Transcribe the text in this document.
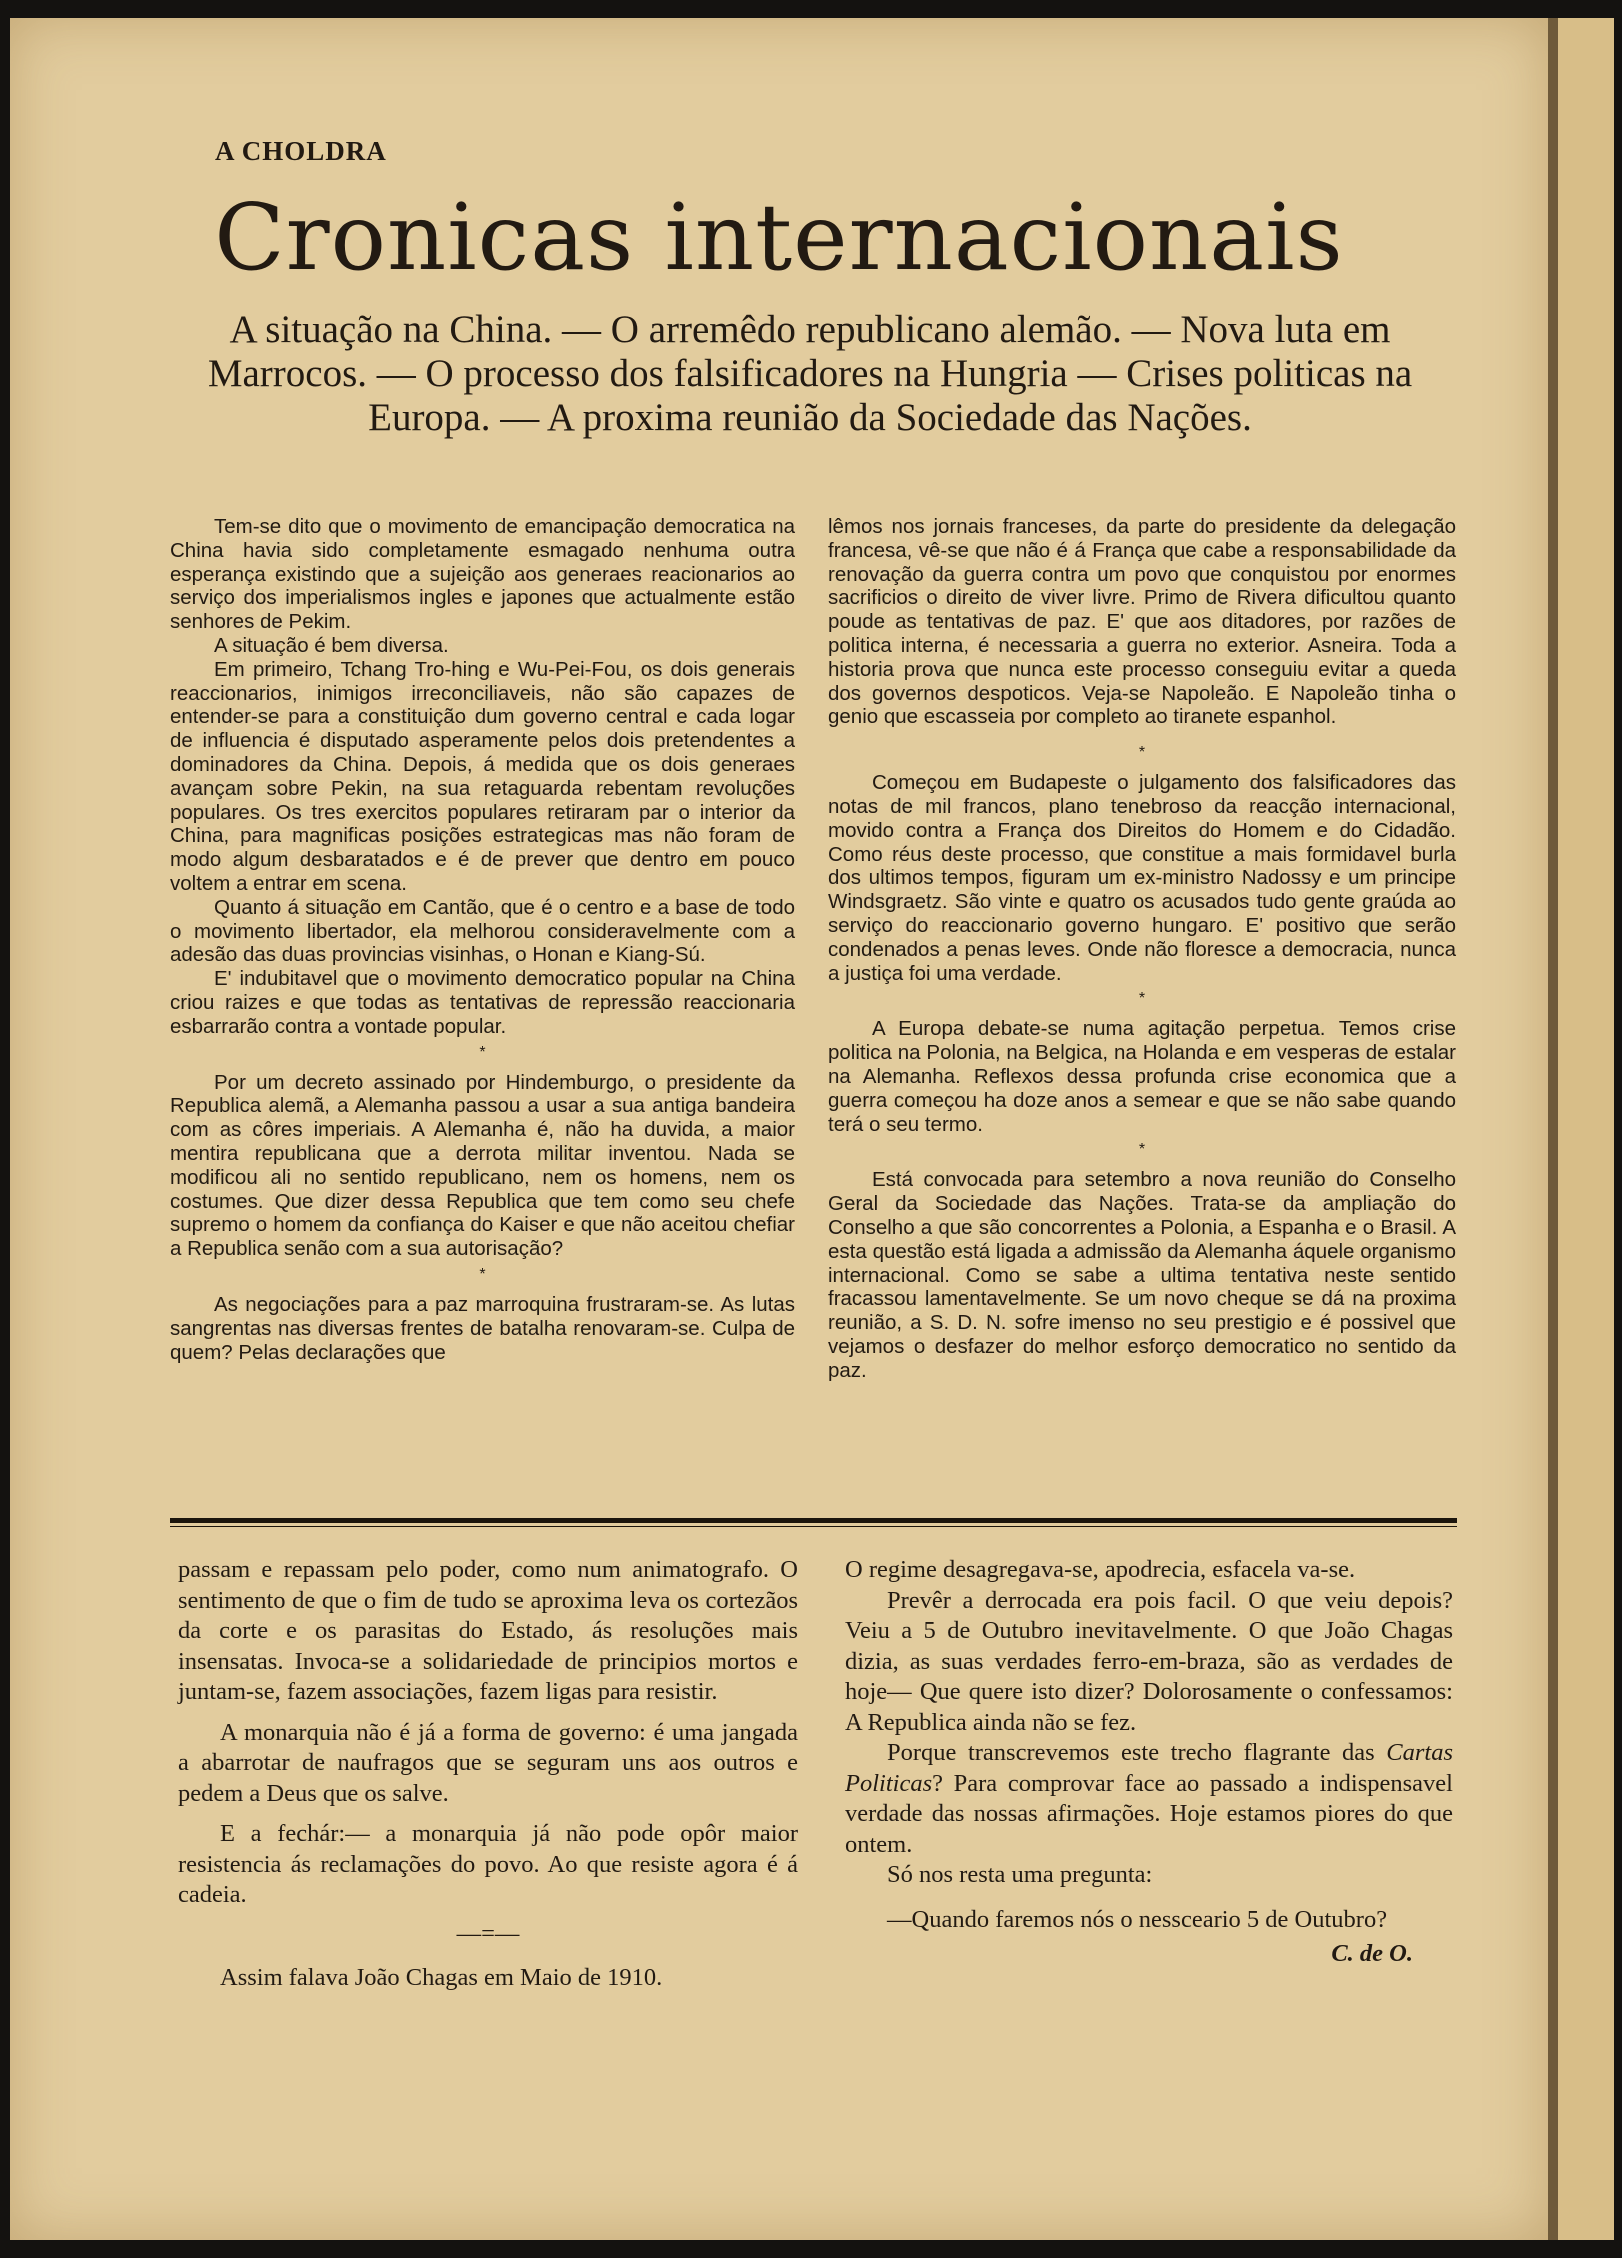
A CHOLDRA
Cronicas internacionais
A situação na China. — O arremêdo republicano alemão. — Nova luta em Marrocos. — O processo dos falsificadores na Hungria — Crises politicas na Europa. — A proxima reunião da Sociedade das Nações.

Tem-se dito que o movimento de emancipação democratica na China havia sido completamente esmagado nenhuma outra esperança existindo que a sujeição aos generaes reacionarios ao serviço dos imperialismos ingles e japones que actualmente estão senhores de Pekim.

A situação é bem diversa.

Em primeiro, Tchang Tro-hing e Wu-Pei-Fou, os dois generais reaccionarios, inimigos irreconciliaveis, não são capazes de entender-se para a constituição dum governo central e cada logar de influencia é disputado asperamente pelos dois pretendentes a dominadores da China. Depois, á medida que os dois generaes avançam sobre Pekin, na sua retaguarda rebentam revoluções populares. Os tres exercitos populares retiraram par o interior da China, para magnificas posições estrategicas mas não foram de modo algum desbaratados e é de prever que dentro em pouco voltem a entrar em scena.

Quanto á situação em Cantão, que é o centro e a base de todo o movimento libertador, ela melhorou consideravelmente com a adesão das duas provincias visinhas, o Honan e Kiang-Sú.

E' indubitavel que o movimento democratico popular na China criou raizes e que todas as tentativas de repressão reaccionaria esbarrarão contra a vontade popular.

*

Por um decreto assinado por Hindemburgo, o presidente da Republica alemã, a Alemanha passou a usar a sua antiga bandeira com as côres imperiais. A Alemanha é, não ha duvida, a maior mentira republicana que a derrota militar inventou. Nada se modificou ali no sentido republicano, nem os homens, nem os costumes. Que dizer dessa Republica que tem como seu chefe supremo o homem da confiança do Kaiser e que não aceitou chefiar a Republica senão com a sua autorisação?

*

As negociações para a paz marroquina frustraram-se. As lutas sangrentas nas diversas frentes de batalha renovaram-se. Culpa de quem? Pelas declarações que

lêmos nos jornais franceses, da parte do presidente da delegação francesa, vê-se que não é á França que cabe a responsabilidade da renovação da guerra contra um povo que conquistou por enormes sacrificios o direito de viver livre. Primo de Rivera dificultou quanto poude as tentativas de paz. E' que aos ditadores, por razões de politica interna, é necessaria a guerra no exterior. Asneira. Toda a historia prova que nunca este processo conseguiu evitar a queda dos governos despoticos. Veja-se Napoleão. E Napoleão tinha o genio que escasseia por completo ao tiranete espanhol.

*

Começou em Budapeste o julgamento dos falsificadores das notas de mil francos, plano tenebroso da reacção internacional, movido contra a França dos Direitos do Homem e do Cidadão. Como réus deste processo, que constitue a mais formidavel burla dos ultimos tempos, figuram um ex-ministro Nadossy e um principe Windsgraetz. São vinte e quatro os acusados tudo gente graúda ao serviço do reaccionario governo hungaro. E' positivo que serão condenados a penas leves. Onde não floresce a democracia, nunca a justiça foi uma verdade.

*

A Europa debate-se numa agitação perpetua. Temos crise politica na Polonia, na Belgica, na Holanda e em vesperas de estalar na Alemanha. Reflexos dessa profunda crise economica que a guerra começou ha doze anos a semear e que se não sabe quando terá o seu termo.

*

Está convocada para setembro a nova reunião do Conselho Geral da Sociedade das Nações. Trata-se da ampliação do Conselho a que são concorrentes a Polonia, a Espanha e o Brasil. A esta questão está ligada a admissão da Alemanha áquele organismo internacional. Como se sabe a ultima tentativa neste sentido fracassou lamentavelmente. Se um novo cheque se dá na proxima reunião, a S. D. N. sofre imenso no seu prestigio e é possivel que vejamos o desfazer do melhor esforço democratico no sentido da paz.

passam e repassam pelo poder, como num animatografo. O sentimento de que o fim de tudo se aproxima leva os cortezãos da corte e os parasitas do Estado, ás resoluções mais insensatas. Invoca-se a solidariedade de principios mortos e juntam-se, fazem associações, fazem ligas para resistir.

A monarquia não é já a forma de governo: é uma jangada a abarrotar de naufragos que se seguram uns aos outros e pedem a Deus que os salve.

E a fechár:— a monarquia já não pode opôr maior resistencia ás reclamações do povo. Ao que resiste agora é á cadeia.

—=—

Assim falava João Chagas em Maio de 1910.

O regime desagregava-se, apodrecia, esfacela va-se.

Prevêr a derrocada era pois facil. O que veiu depois? Veiu a 5 de Outubro inevitavelmente. O que João Chagas dizia, as suas verdades ferro-em-braza, são as verdades de hoje— Que quere isto dizer? Dolorosamente o confessamos: A Republica ainda não se fez.

Porque transcrevemos este trecho flagrante das Cartas Politicas? Para comprovar face ao passado a indispensavel verdade das nossas afirmações. Hoje estamos piores do que ontem.

Só nos resta uma pregunta:

—Quando faremos nós o nessceario 5 de Outubro?

C. de O.
